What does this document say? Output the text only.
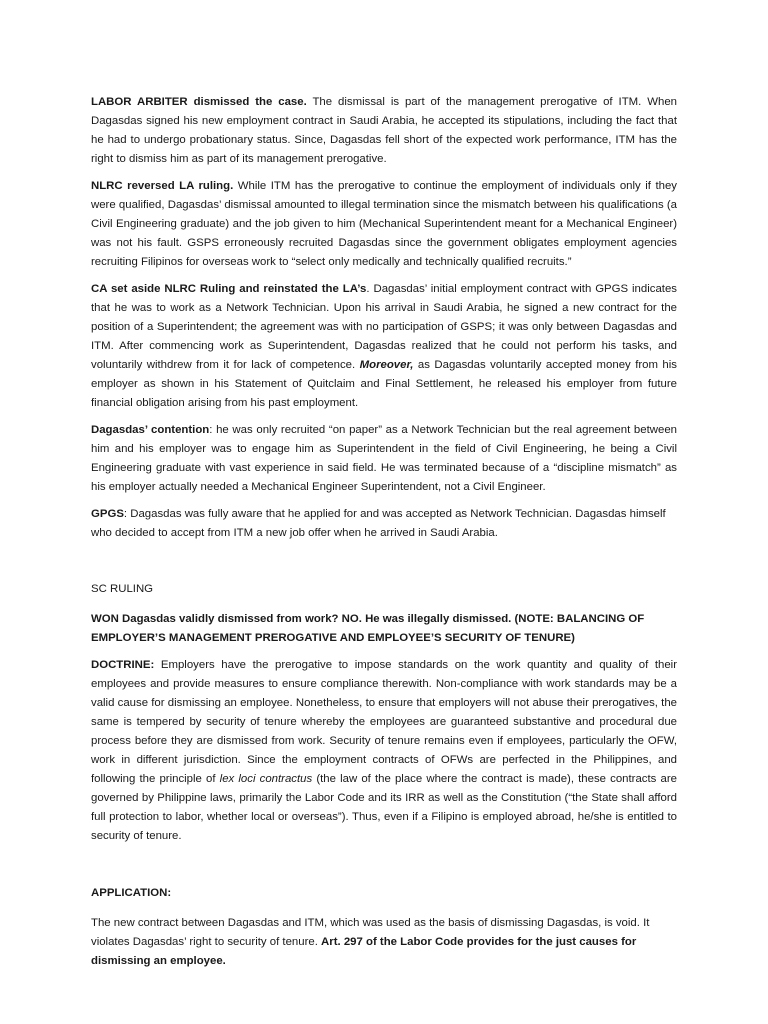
LABOR ARBITER dismissed the case. The dismissal is part of the management prerogative of ITM. When Dagasdas signed his new employment contract in Saudi Arabia, he accepted its stipulations, including the fact that he had to undergo probationary status. Since, Dagasdas fell short of the expected work performance, ITM has the right to dismiss him as part of its management prerogative.

NLRC reversed LA ruling. While ITM has the prerogative to continue the employment of individuals only if they were qualified, Dagasdas’ dismissal amounted to illegal termination since the mismatch between his qualifications (a Civil Engineering graduate) and the job given to him (Mechanical Superintendent meant for a Mechanical Engineer) was not his fault. GSPS erroneously recruited Dagasdas since the government obligates employment agencies recruiting Filipinos for overseas work to “select only medically and technically qualified recruits.”

CA set aside NLRC Ruling and reinstated the LA’s. Dagasdas’ initial employment contract with GPGS indicates that he was to work as a Network Technician. Upon his arrival in Saudi Arabia, he signed a new contract for the position of a Superintendent; the agreement was with no participation of GSPS; it was only between Dagasdas and ITM. After commencing work as Superintendent, Dagasdas realized that he could not perform his tasks, and voluntarily withdrew from it for lack of competence. Moreover, as Dagasdas voluntarily accepted money from his employer as shown in his Statement of Quitclaim and Final Settlement, he released his employer from future financial obligation arising from his past employment.

Dagasdas’ contention: he was only recruited “on paper” as a Network Technician but the real agreement between him and his employer was to engage him as Superintendent in the field of Civil Engineering, he being a Civil Engineering graduate with vast experience in said field. He was terminated because of a “discipline mismatch” as his employer actually needed a Mechanical Engineer Superintendent, not a Civil Engineer.

GPGS: Dagasdas was fully aware that he applied for and was accepted as Network Technician. Dagasdas himself who decided to accept from ITM a new job offer when he arrived in Saudi Arabia.

SC RULING

WON Dagasdas validly dismissed from work? NO. He was illegally dismissed. (NOTE: BALANCING OF EMPLOYER’S MANAGEMENT PREROGATIVE AND EMPLOYEE’S SECURITY OF TENURE)

DOCTRINE: Employers have the prerogative to impose standards on the work quantity and quality of their employees and provide measures to ensure compliance therewith. Non-compliance with work standards may be a valid cause for dismissing an employee. Nonetheless, to ensure that employers will not abuse their prerogatives, the same is tempered by security of tenure whereby the employees are guaranteed substantive and procedural due process before they are dismissed from work. Security of tenure remains even if employees, particularly the OFW, work in different jurisdiction. Since the employment contracts of OFWs are perfected in the Philippines, and following the principle of lex loci contractus (the law of the place where the contract is made), these contracts are governed by Philippine laws, primarily the Labor Code and its IRR as well as the Constitution (“the State shall afford full protection to labor, whether local or overseas”). Thus, even if a Filipino is employed abroad, he/she is entitled to security of tenure.

APPLICATION:

The new contract between Dagasdas and ITM, which was used as the basis of dismissing Dagasdas, is void. It violates Dagasdas’ right to security of tenure. Art. 297 of the Labor Code provides for the just causes for dismissing an employee.
